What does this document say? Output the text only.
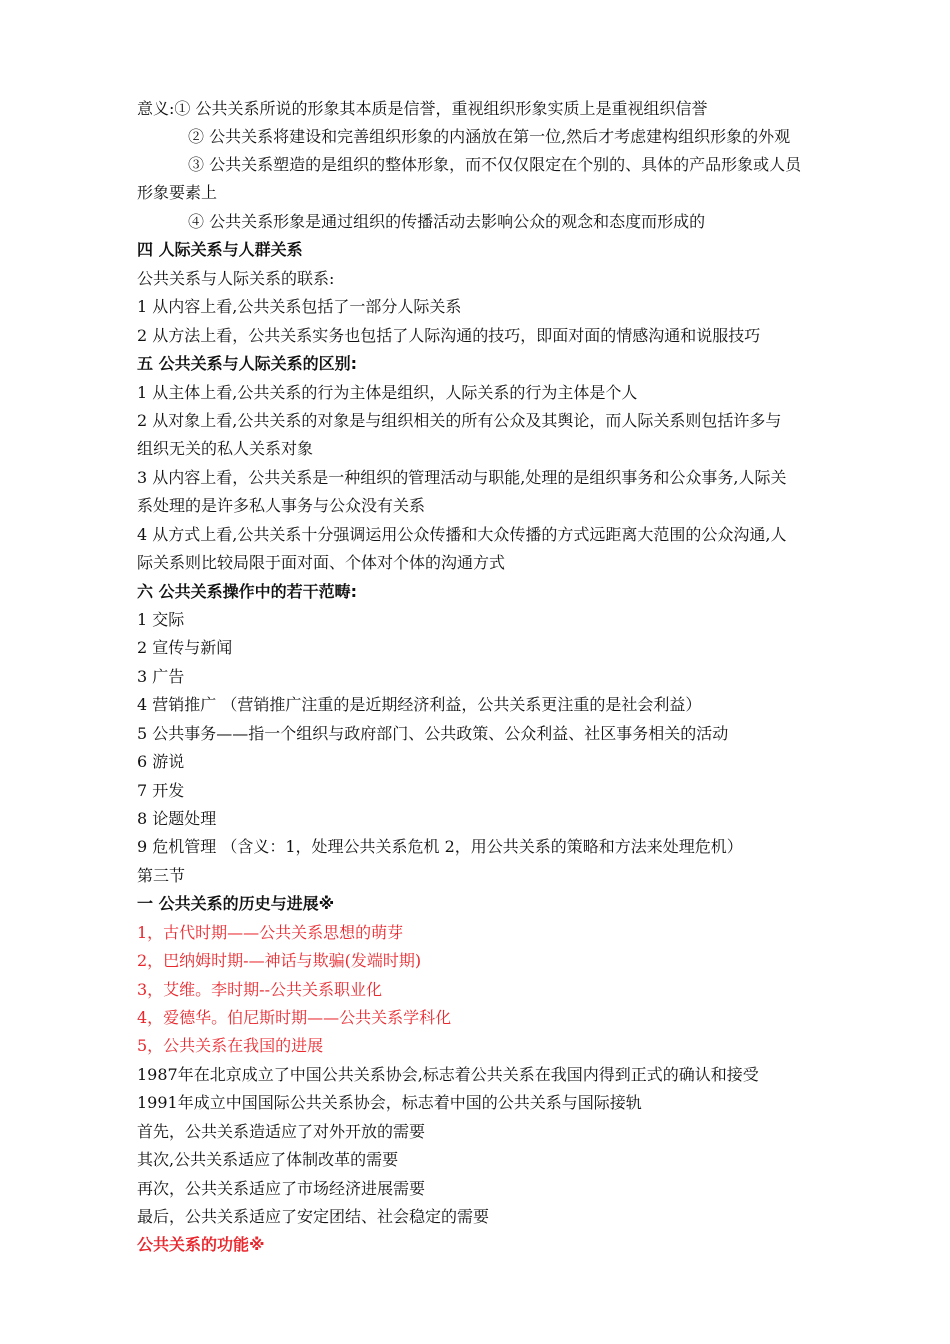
意义:① 公共关系所说的形象其本质是信誉，重视组织形象实质上是重视组织信誉
② 公共关系将建设和完善组织形象的内涵放在第一位,然后才考虑建构组织形象的外观
③ 公共关系塑造的是组织的整体形象，而不仅仅限定在个别的、具体的产品形象或人员
形象要素上
④ 公共关系形象是通过组织的传播活动去影响公众的观念和态度而形成的
四 人际关系与人群关系
公共关系与人际关系的联系:
1 从内容上看,公共关系包括了一部分人际关系
2 从方法上看，公共关系实务也包括了人际沟通的技巧，即面对面的情感沟通和说服技巧
五 公共关系与人际关系的区别:
1 从主体上看,公共关系的行为主体是组织，人际关系的行为主体是个人
2 从对象上看,公共关系的对象是与组织相关的所有公众及其舆论，而人际关系则包括许多与
组织无关的私人关系对象
3 从内容上看，公共关系是一种组织的管理活动与职能,处理的是组织事务和公众事务,人际关
系处理的是许多私人事务与公众没有关系
4 从方式上看,公共关系十分强调运用公众传播和大众传播的方式远距离大范围的公众沟通,人
际关系则比较局限于面对面、个体对个体的沟通方式
六 公共关系操作中的若干范畴:
1 交际
2 宣传与新闻
3 广告
4 营销推广 （营销推广注重的是近期经济利益，公共关系更注重的是社会利益）
5 公共事务——指一个组织与政府部门、公共政策、公众利益、社区事务相关的活动
6 游说
7 开发
8 论题处理
9 危机管理 （含义：1，处理公共关系危机 2，用公共关系的策略和方法来处理危机）
第三节
一 公共关系的历史与进展※
1，古代时期——公共关系思想的萌芽
2，巴纳姆时期-—神话与欺骗(发端时期)
3，艾维。李时期--公共关系职业化
4，爱德华。伯尼斯时期——公共关系学科化
5，公共关系在我国的进展
1987年在北京成立了中国公共关系协会,标志着公共关系在我国内得到正式的确认和接受
1991年成立中国国际公共关系协会，标志着中国的公共关系与国际接轨
首先，公共关系造适应了对外开放的需要
其次,公共关系适应了体制改革的需要
再次，公共关系适应了市场经济进展需要
最后，公共关系适应了安定团结、社会稳定的需要
公共关系的功能※
